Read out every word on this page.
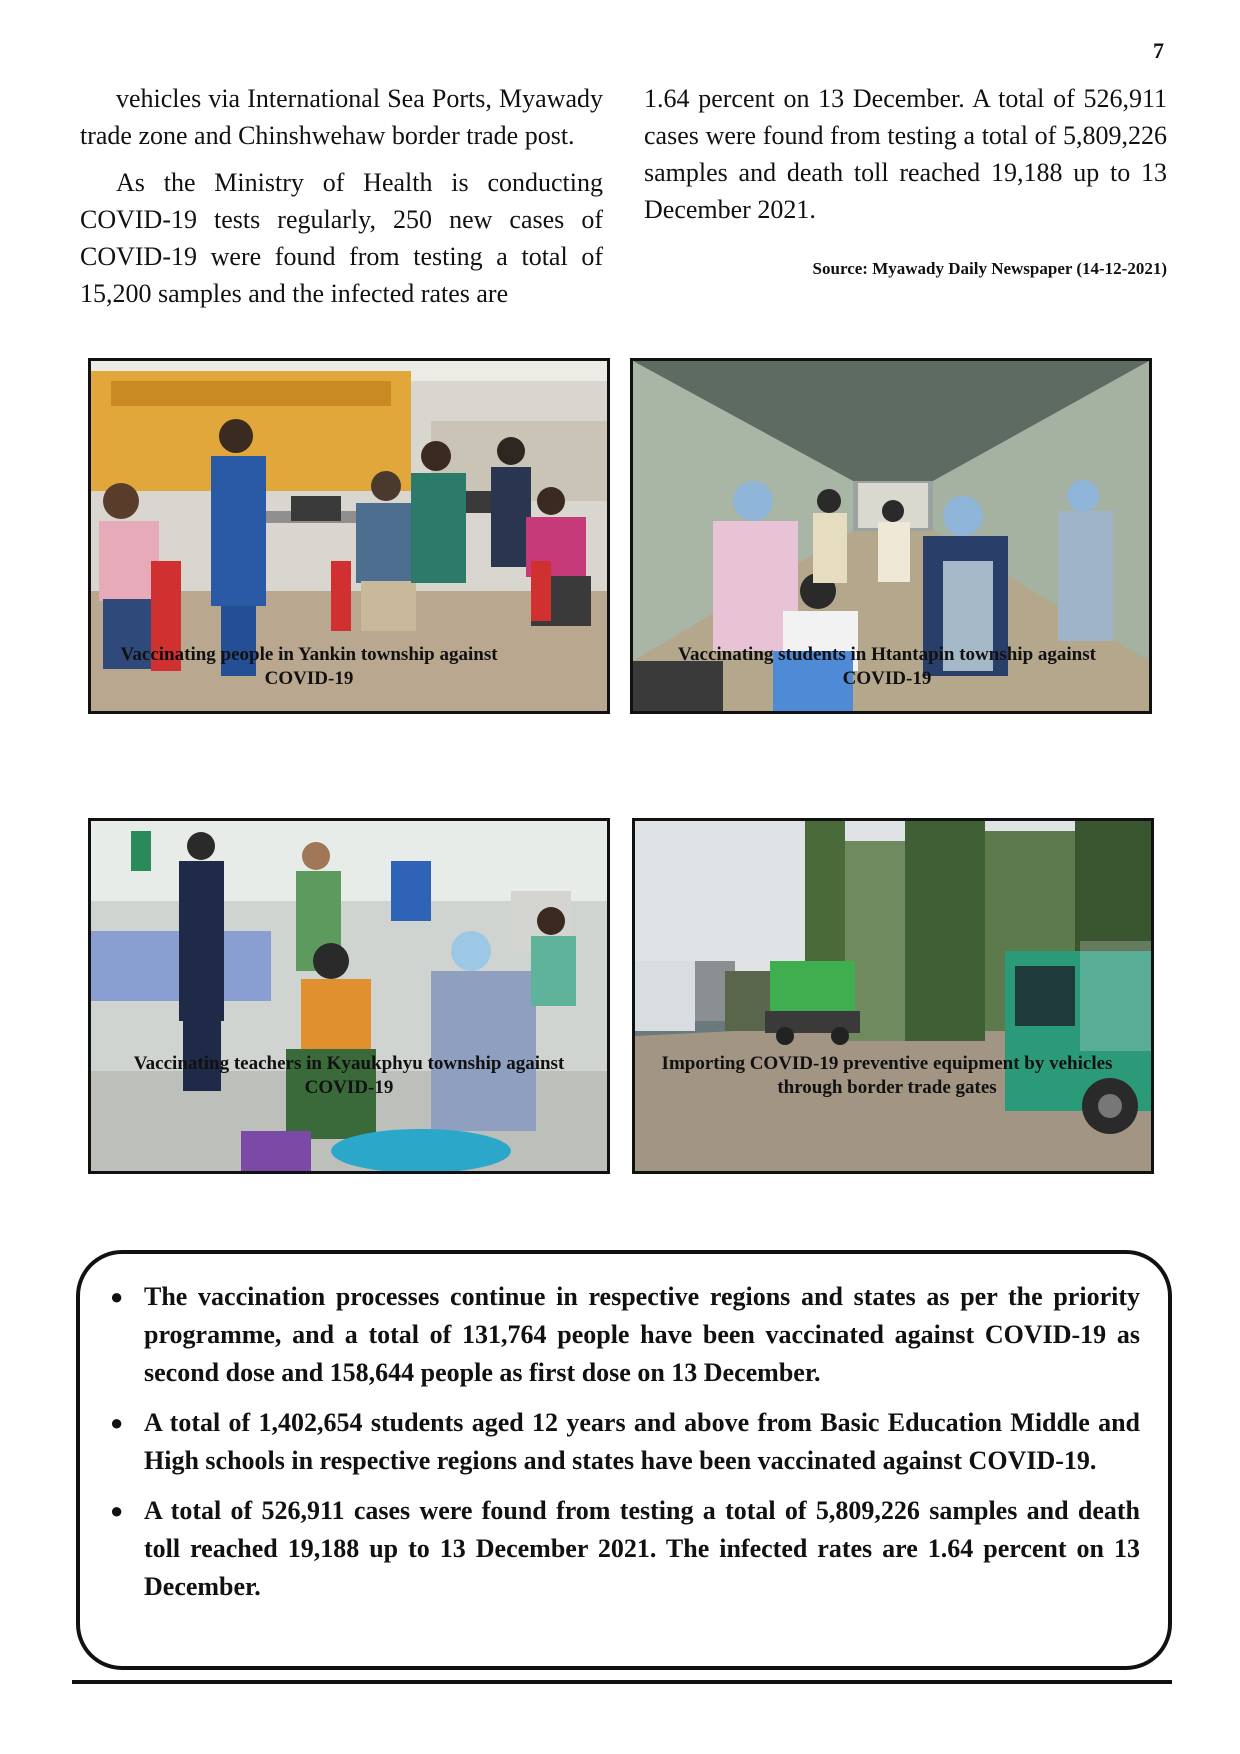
7

vehicles via International Sea Ports, Myawady trade zone and Chinshwehaw border trade post.

As the Ministry of Health is conducting COVID-19 tests regularly, 250 new cases of COVID-19 were found from testing a total of 15,200 samples and the infected rates are

1.64 percent on 13 December. A total of 526,911 cases were found from testing a total of 5,809,226 samples and death toll reached 19,188 up to 13 December 2021.

Source: Myawady Daily Newspaper (14-12-2021)

Vaccinating people in Yankin township against
COVID-19
Vaccinating students in Htantapin township against
COVID-19
Vaccinating teachers in Kyaukphyu township against
COVID-19
Importing COVID-19 preventive equipment by vehicles
through border trade gates
● The vaccination processes continue in respective regions and states as per the priority programme, and a total of 131,764 people have been vaccinated against COVID-19 as second dose and 158,644 people as first dose on 13 December.
● A total of 1,402,654 students aged 12 years and above from Basic Education Middle and High schools in respective regions and states have been vaccinated against COVID-19.
● A total of 526,911 cases were found from testing a total of 5,809,226 samples and death toll reached 19,188 up to 13 December 2021. The infected rates are 1.64 percent on 13 December.
